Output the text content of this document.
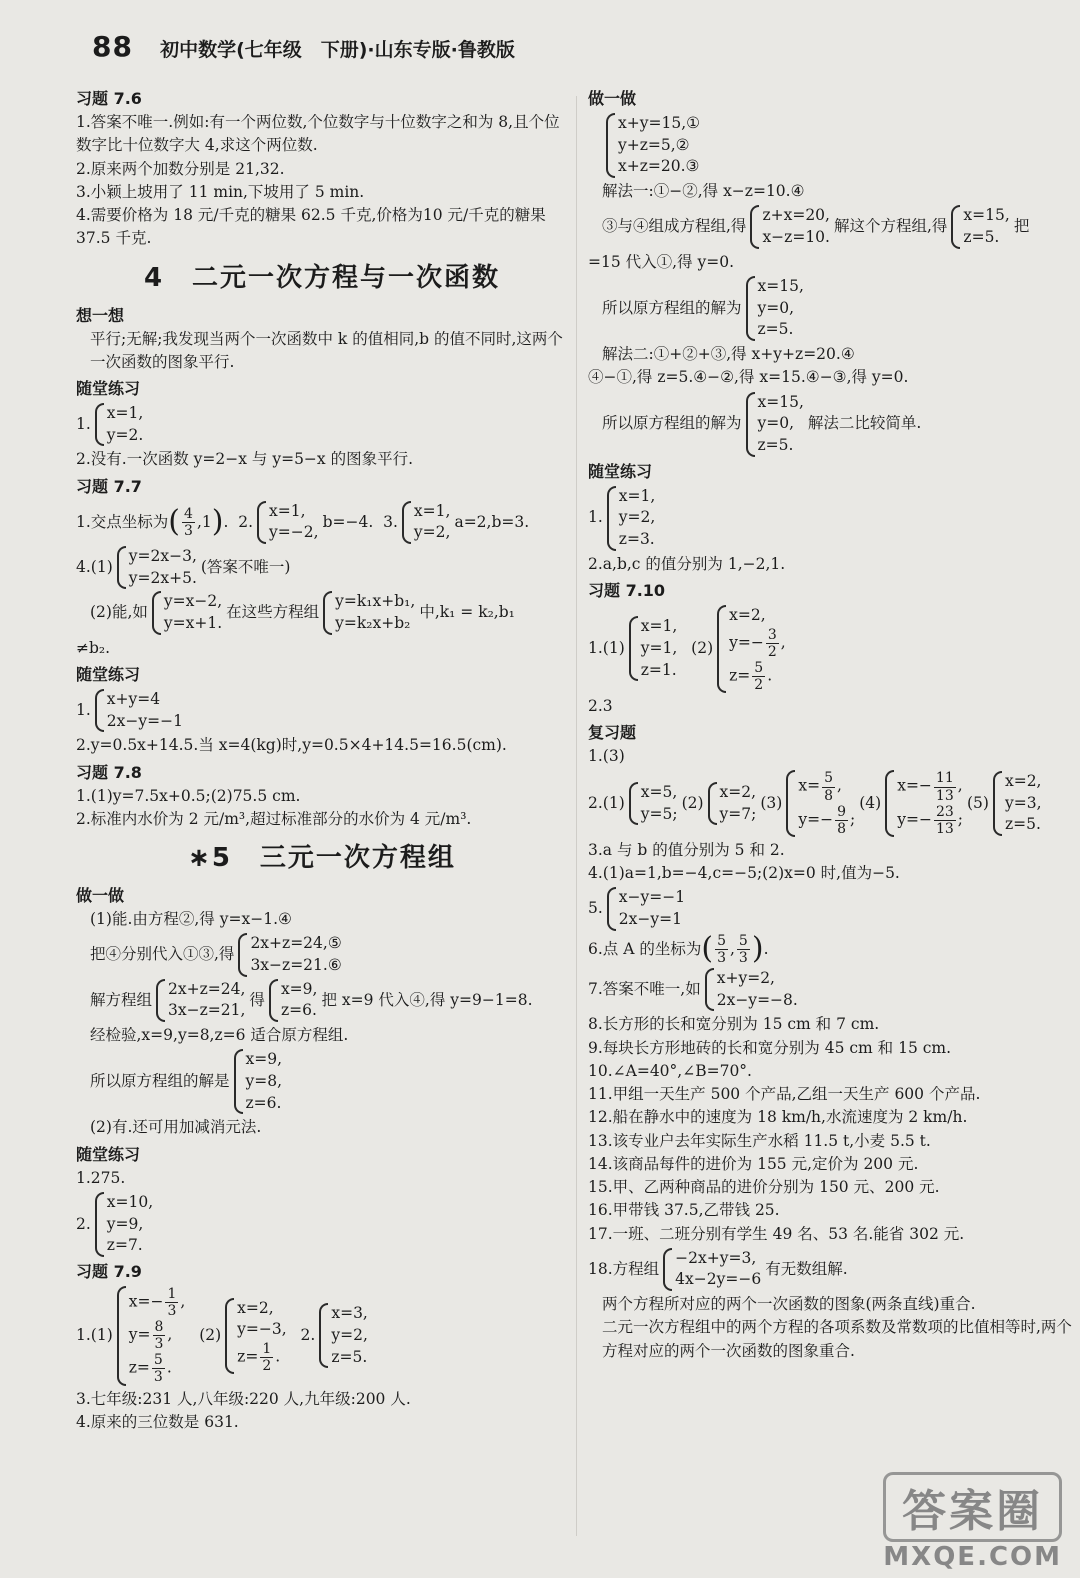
88 初中数学(七年级　下册)·山东专版·鲁教版
习题 7.6

1.答案不唯一.例如:有一个两位数,个位数字与十位数字之和为 8,且个位数字比十位数字大 4,求这个两位数.

2.原来两个加数分别是 21,32.

3.小颖上坡用了 11 min,下坡用了 5 min.

4.需要价格为 18 元/千克的糖果 62.5 千克,价格为10 元/千克的糖果 37.5 千克.

4　二元一次方程与一次函数
想一想

平行;无解;我发现当两个一次函数中 k 的值相同,b 的值不同时,这两个一次函数的图象平行.

随堂练习
1.
x=1,
y=2.

2.没有.一次函数 y=2−x 与 y=5−x 的图象平行.

习题 7.7
1.交点坐标为 ( $\frac{4}{3} ,1$ ) . 2.
x=1,
y=−2,
b=−4.
3.
x=1,
y=2,
a=2,b=3.
4.(1)
y=2x−3,
y=2x+5.
(答案不唯一)
(2)能,如
y=x−2,
y=x+1.
在这些方程组
y=k₁x+b₁,
y=k₂x+b₂
中,k₁ = k₂,b₁

≠b₂.

随堂练习
1.
x+y=4
2x−y=−1

2.y=0.5x+14.5.当 x=4(kg)时,y=0.5×4+14.5=16.5(cm).

习题 7.8

1.(1)y=7.5x+0.5;(2)75.5 cm.

2.标准内水价为 2 元/m³,超过标准部分的水价为 4 元/m³.

∗5　三元一次方程组
做一做

(1)能.由方程②,得 y=x−1.④

把④分别代入①③,得
2x+z=24,⑤
3x−z=21.⑥
解方程组
2x+z=24,
3x−z=21,
得
x=9,
z=6.
把 x=9 代入④,得 y=9−1=8.

经检验,x=9,y=8,z=6 适合原方程组.

所以原方程组的解是
x=9,
y=8,
z=6.

(2)有.还可用加减消元法.

随堂练习

1.275.

2.
x=10,
y=9,
z=7.
习题 7.9
1.(1)
$x=- \frac{1}{3}$ ,
$y= \frac{8}{3}$ ,
$z= \frac{5}{3}$ .

(2)
x=2,
y=−3,
$z= \frac{1}{2}$ .

2.
x=3,
y=2,
z=5.

3.七年级:231 人,八年级:220 人,九年级:200 人.

4.原来的三位数是 631.

做一做
x+y=15,①
y+z=5,②
x+z=20.③

解法一:①−②,得 x−z=10.④

③与④组成方程组,得
z+x=20,
x−z=10.
解这个方程组,得
x=15,
z=5.
把

=15 代入①,得 y=0.

所以原方程组的解为
x=15,
y=0,
z=5.

解法二:①+②+③,得 x+y+z=20.④

④−①,得 z=5.④−②,得 x=15.④−③,得 y=0.

所以原方程组的解为
x=15,
y=0,
z=5.
解法二比较简单.
随堂练习
1.
x=1,
y=2,
z=3.

2.a,b,c 的值分别为 1,−2,1.

习题 7.10
1.(1)
x=1,
y=1,
z=1.

(2)
x=2,
$y=- \frac{3}{2}$ ,
$z= \frac{5}{2}$ .

2.3

复习题

1.(3)

2.(1)
x=5,
y=5;
(2)
x=2,
y=7;
(3)
$x= \frac{5}{8}$ ,
$y=- \frac{9}{8}$ ;
(4)
$x=- \frac{11}{13}$ ,
$y=- \frac{23}{13}$ ;
(5)
x=2,
y=3,
z=5.

3.a 与 b 的值分别为 5 和 2.

4.(1)a=1,b=−4,c=−5;(2)x=0 时,值为−5.

5.
x−y=−1
2x−y=1
6.点 A 的坐标为 ( $\frac{5}{3}$ , $\frac{5}{3}$ ) .
7.答案不唯一,如
x+y=2,
2x−y=−8.

8.长方形的长和宽分别为 15 cm 和 7 cm.

9.每块长方形地砖的长和宽分别为 45 cm 和 15 cm.

10.∠A=40°,∠B=70°.

11.甲组一天生产 500 个产品,乙组一天生产 600 个产品.

12.船在静水中的速度为 18 km/h,水流速度为 2 km/h.

13.该专业户去年实际生产水稻 11.5 t,小麦 5.5 t.

14.该商品每件的进价为 155 元,定价为 200 元.

15.甲、乙两种商品的进价分别为 150 元、200 元.

16.甲带钱 37.5,乙带钱 25.

17.一班、二班分别有学生 49 名、53 名.能省 302 元.

18.方程组
−2x+y=3,
4x−2y=−6
有无数组解.

两个方程所对应的两个一次函数的图象(两条直线)重合.

二元一次方程组中的两个方程的各项系数及常数项的比值相等时,两个方程对应的两个一次函数的图象重合.

答案圈
MXQE.COM
